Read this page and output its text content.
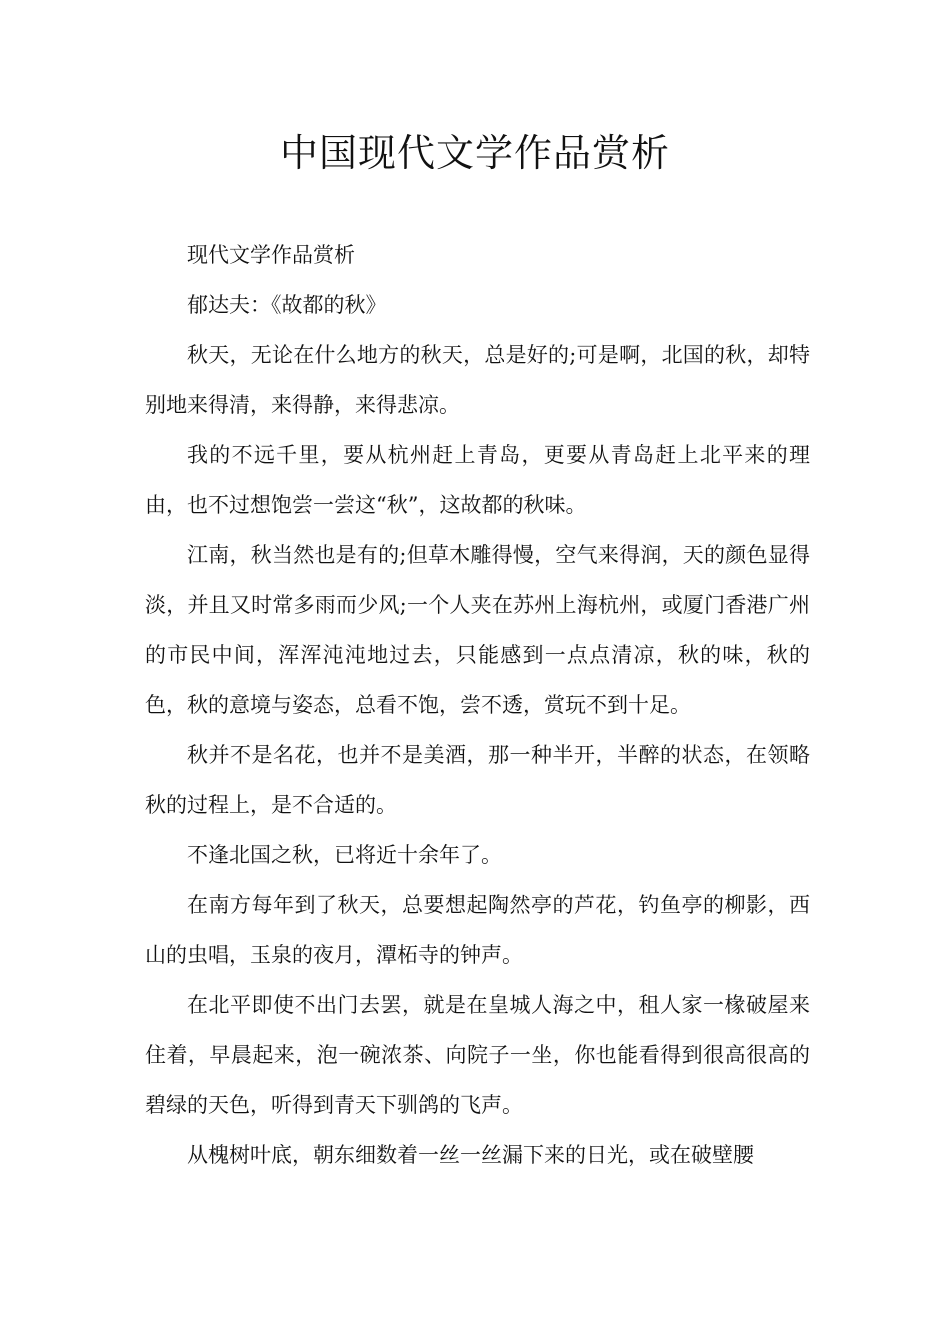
中国现代文学作品赏析

现代文学作品赏析

郁达夫：《故都的秋》

秋天，无论在什么地方的秋天，总是好的;可是啊，北国的秋，却特别地来得清，来得静，来得悲凉。

我的不远千里，要从杭州赶上青岛，更要从青岛赶上北平来的理由，也不过想饱尝一尝这“秋”，这故都的秋味。

江南，秋当然也是有的;但草木雕得慢，空气来得润，天的颜色显得淡，并且又时常多雨而少风;一个人夹在苏州上海杭州，或厦门香港广州的市民中间，浑浑沌沌地过去，只能感到一点点清凉，秋的味，秋的色，秋的意境与姿态，总看不饱，尝不透，赏玩不到十足。

秋并不是名花，也并不是美酒，那一种半开，半醉的状态，在领略秋的过程上，是不合适的。

不逢北国之秋，已将近十余年了。

在南方每年到了秋天，总要想起陶然亭的芦花，钓鱼亭的柳影，西山的虫唱，玉泉的夜月，潭柘寺的钟声。

在北平即使不出门去罢，就是在皇城人海之中，租人家一椽破屋来住着，早晨起来，泡一碗浓茶、向院子一坐，你也能看得到很高很高的碧绿的天色，听得到青天下驯鸽的飞声。

从槐树叶底，朝东细数着一丝一丝漏下来的日光，或在破壁腰
